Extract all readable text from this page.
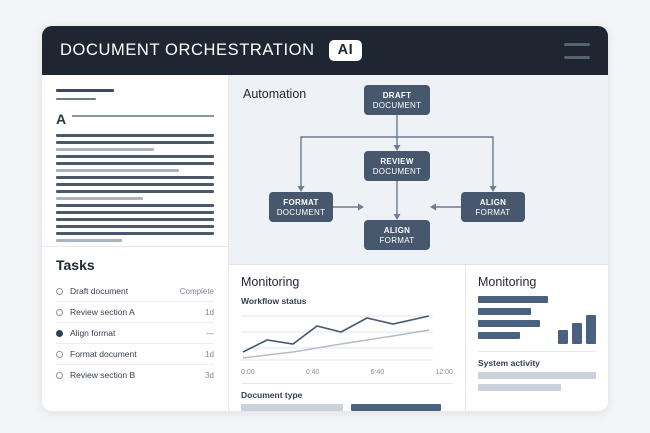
DOCUMENT ORCHESTRATION	AI
A
Tasks
Draft document	Complete
Review section A	1d
Align format	—
Format document	1d
Review section B	3d

Automation	DRAFT
DOCUMENT
REVIEW
DOCUMENT
FORMAT
DOCUMENT
ALIGN
FORMAT
ALIGN
FORMAT

Monitoring

Workflow status

0:00	0:40	6:40	12:00

Document type

Monitoring

System activity
